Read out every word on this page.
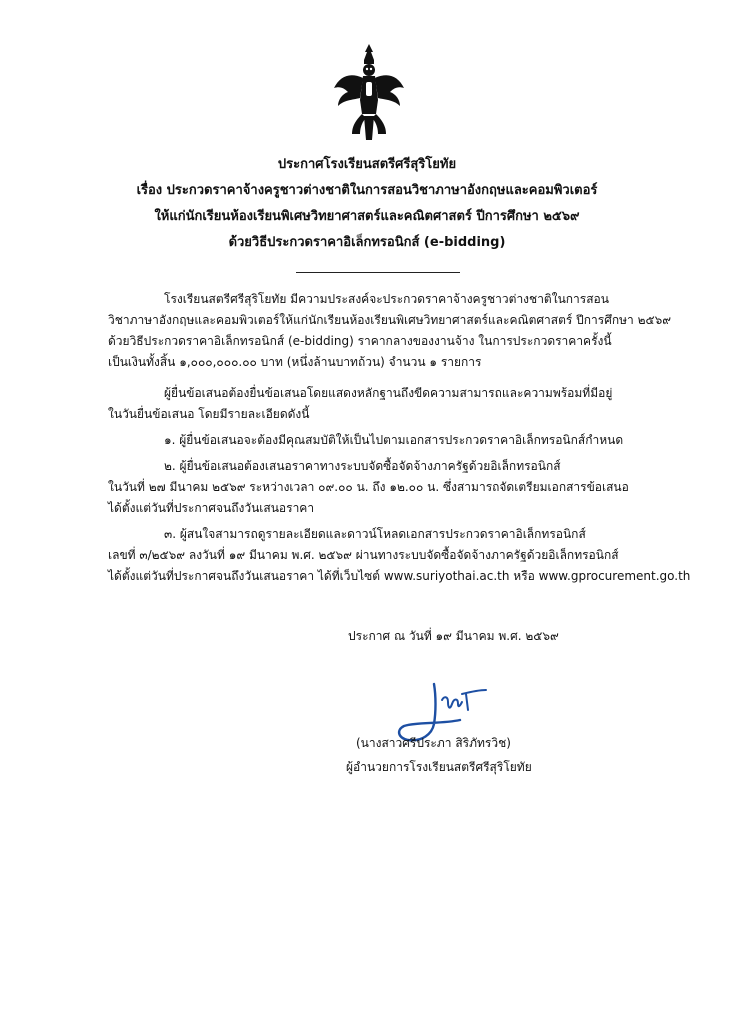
ประกาศโรงเรียนสตรีศรีสุริโยทัย
เรื่อง ประกวดราคาจ้างครูชาวต่างชาติในการสอนวิชาภาษาอังกฤษและคอมพิวเตอร์
ให้แก่นักเรียนห้องเรียนพิเศษวิทยาศาสตร์และคณิตศาสตร์ ปีการศึกษา ๒๕๖๙
ด้วยวิธีประกวดราคาอิเล็กทรอนิกส์ (e-bidding)
โรงเรียนสตรีศรีสุริโยทัย มีความประสงค์จะประกวดราคาจ้างครูชาวต่างชาติในการสอน
วิชาภาษาอังกฤษและคอมพิวเตอร์ให้แก่นักเรียนห้องเรียนพิเศษวิทยาศาสตร์และคณิตศาสตร์ ปีการศึกษา ๒๕๖๙
ด้วยวิธีประกวดราคาอิเล็กทรอนิกส์ (e-bidding) ราคากลางของงานจ้าง ในการประกวดราคาครั้งนี้
เป็นเงินทั้งสิ้น ๑,๐๐๐,๐๐๐.๐๐ บาท (หนึ่งล้านบาทถ้วน) จำนวน ๑ รายการ
ผู้ยื่นข้อเสนอต้องยื่นข้อเสนอโดยแสดงหลักฐานถึงขีดความสามารถและความพร้อมที่มีอยู่
ในวันยื่นข้อเสนอ โดยมีรายละเอียดดังนี้
๑. ผู้ยื่นข้อเสนอจะต้องมีคุณสมบัติให้เป็นไปตามเอกสารประกวดราคาอิเล็กทรอนิกส์กำหนด
๒. ผู้ยื่นข้อเสนอต้องเสนอราคาทางระบบจัดซื้อจัดจ้างภาครัฐด้วยอิเล็กทรอนิกส์
ในวันที่ ๒๗ มีนาคม ๒๕๖๙ ระหว่างเวลา ๐๙.๐๐ น. ถึง ๑๒.๐๐ น. ซึ่งสามารถจัดเตรียมเอกสารข้อเสนอ
ได้ตั้งแต่วันที่ประกาศจนถึงวันเสนอราคา
๓. ผู้สนใจสามารถดูรายละเอียดและดาวน์โหลดเอกสารประกวดราคาอิเล็กทรอนิกส์
เลขที่ ๓/๒๕๖๙ ลงวันที่ ๑๙ มีนาคม พ.ศ. ๒๕๖๙ ผ่านทางระบบจัดซื้อจัดจ้างภาครัฐด้วยอิเล็กทรอนิกส์
ได้ตั้งแต่วันที่ประกาศจนถึงวันเสนอราคา ได้ที่เว็บไซต์ www.suriyothai.ac.th หรือ www.gprocurement.go.th
ประกาศ ณ วันที่ ๑๙ มีนาคม พ.ศ. ๒๕๖๙
(นางสาวศรีประภา สิริภัทรวิช)
ผู้อำนวยการโรงเรียนสตรีศรีสุริโยทัย
